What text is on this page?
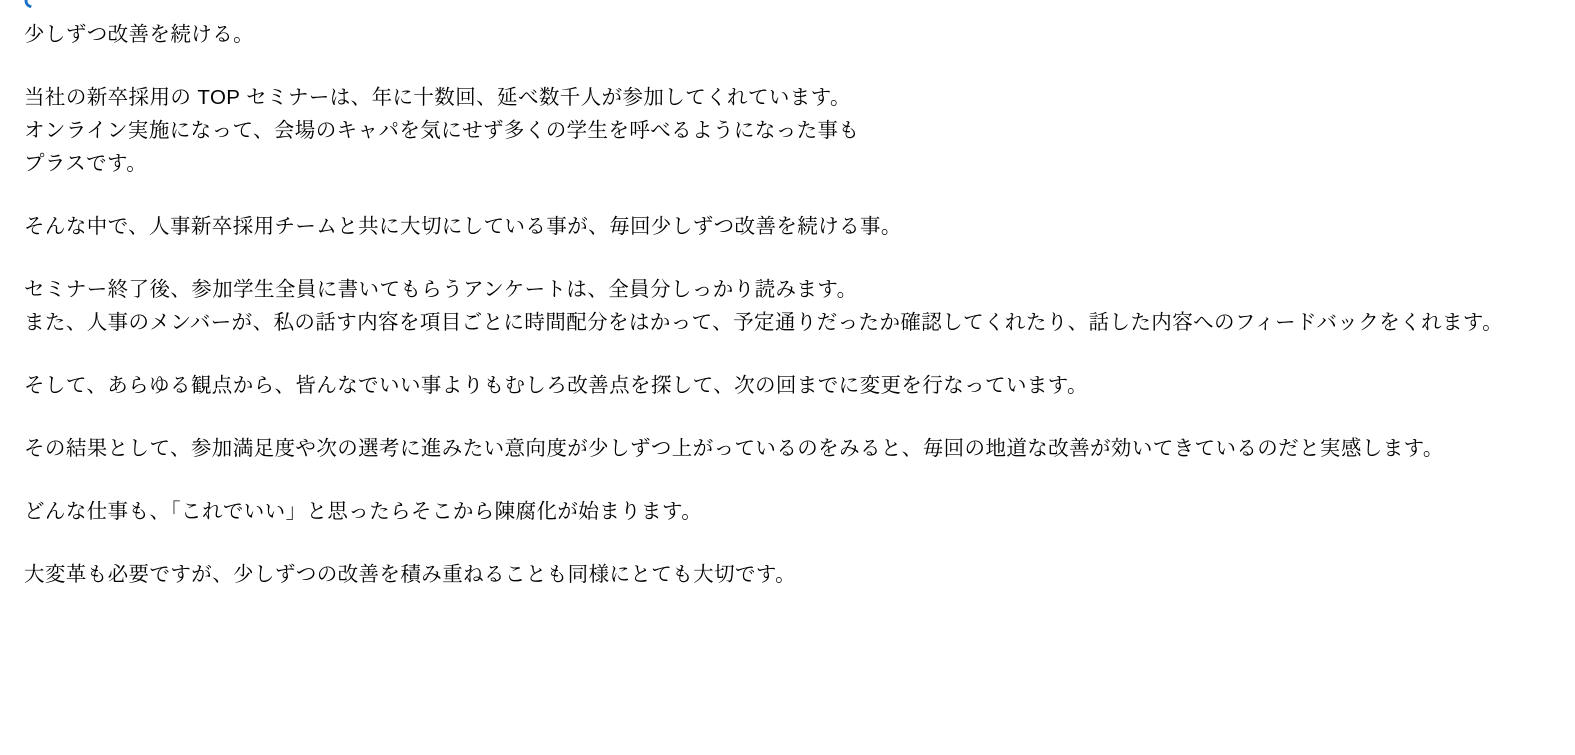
少しずつ改善を続ける。
当社の新卒採用の TOP セミナーは、年に十数回、延べ数千人が参加してくれています。
オンライン実施になって、会場のキャパを気にせず多くの学生を呼べるようになった事も
プラスです。
そんな中で、人事新卒採用チームと共に大切にしている事が、毎回少しずつ改善を続ける事。
セミナー終了後、参加学生全員に書いてもらうアンケートは、全員分しっかり読みます。
また、人事のメンバーが、私の話す内容を項目ごとに時間配分をはかって、予定通りだったか確認してくれたり、話した内容へのフィードバックをくれます。
そして、あらゆる観点から、皆んなでいい事よりもむしろ改善点を探して、次の回までに変更を行なっています。
その結果として、参加満足度や次の選考に進みたい意向度が少しずつ上がっているのをみると、毎回の地道な改善が効いてきているのだと実感します。
どんな仕事も、「これでいい」と思ったらそこから陳腐化が始まります。
大変革も必要ですが、少しずつの改善を積み重ねることも同様にとても大切です。
